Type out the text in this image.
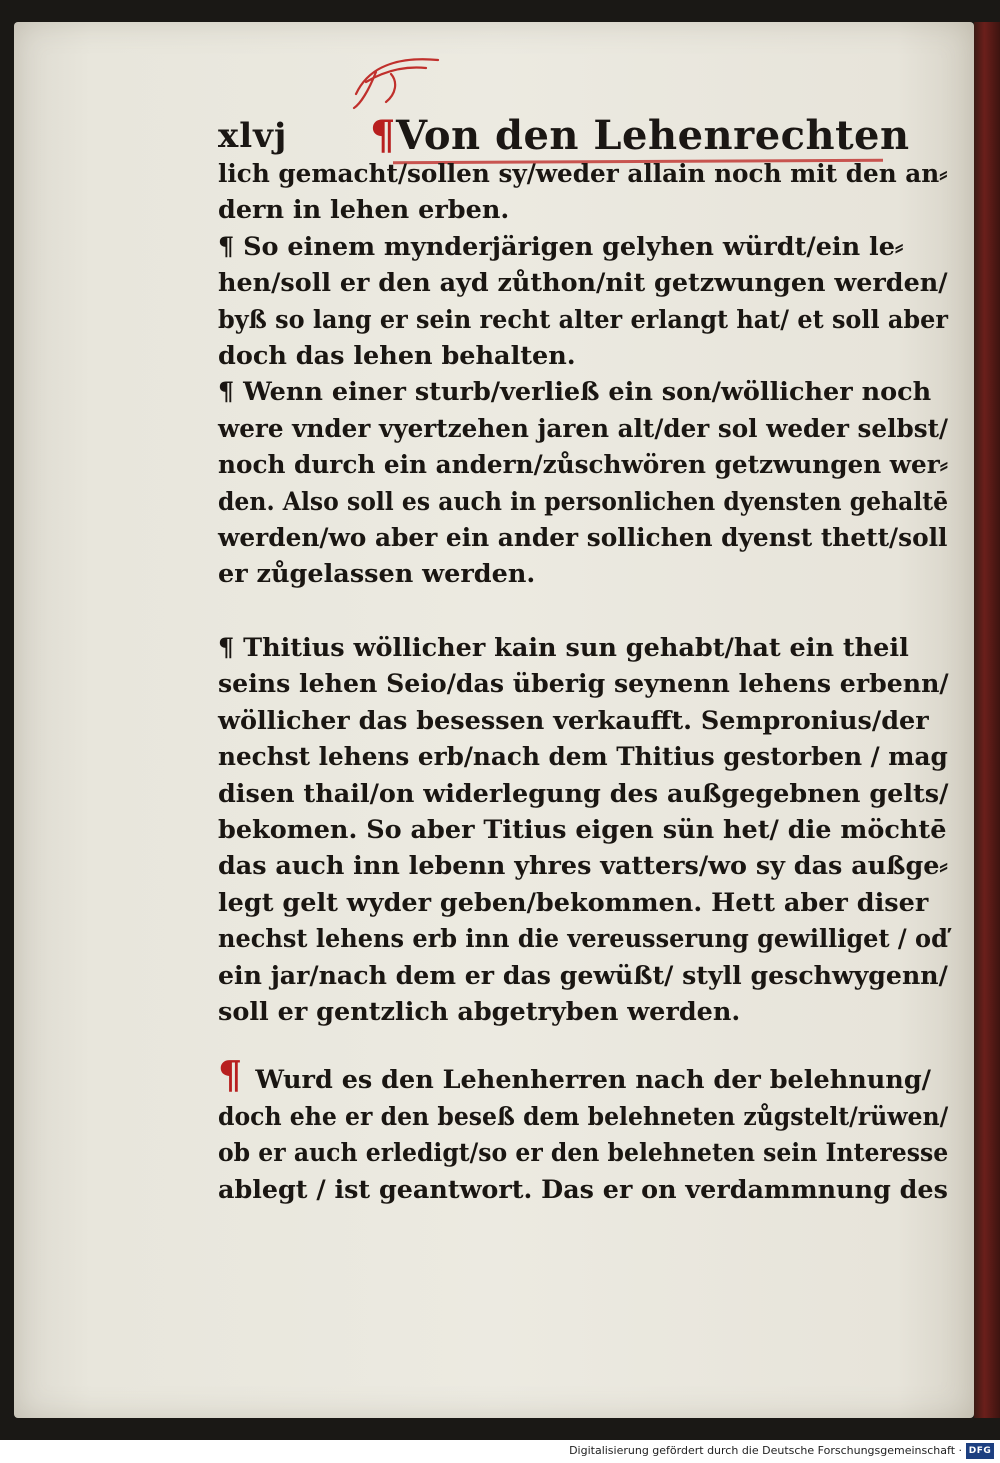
xlvj ¶Von den Lehenrechten
lich gemacht/sollen sy/weder allain noch mit den an⸗
dern in lehen erben.
¶ So einem mynderjärigen gelyhen würdt/ein le⸗
hen/soll er den ayd zůthon/nit getzwungen werden/
byß so lang er sein recht alter erlangt hat/ et soll aber
doch das lehen behalten.
¶ Wenn einer sturb/verließ ein son/wöllicher noch
were vnder vyertzehen jaren alt/der sol weder selbst/
noch durch ein andern/zůschwören getzwungen wer⸗
den. Also soll es auch in personlichen dyensten gehaltē
werden/wo aber ein ander sollichen dyenst thett/soll
er zůgelassen werden.
¶ Thitius wöllicher kain sun gehabt/hat ein theil
seins lehen Seio/das überig seynenn lehens erbenn/
wöllicher das besessen verkaufft. Sempronius/der
nechst lehens erb/nach dem Thitius gestorben / mag
disen thail/on widerlegung des außgegebnen gelts/
bekomen. So aber Titius eigen sün het/ die möchtē
das auch inn lebenn yhres vatters/wo sy das außge⸗
legt gelt wyder geben/bekommen. Hett aber diser
nechst lehens erb inn die vereusserung gewilliget / oď
ein jar/nach dem er das gewüßt/ styll geschwygenn/
soll er gentzlich abgetryben werden.
¶ Wurd es den Lehenherren nach der belehnung/
doch ehe er den beseß dem belehneten zůgstelt/rüwen/
ob er auch erledigt/so er den belehneten sein Interesse
ablegt / ist geantwort. Das er on verdammnung des
Digitalisierung gefördert durch die Deutsche Forschungsgemeinschaft · DFG
